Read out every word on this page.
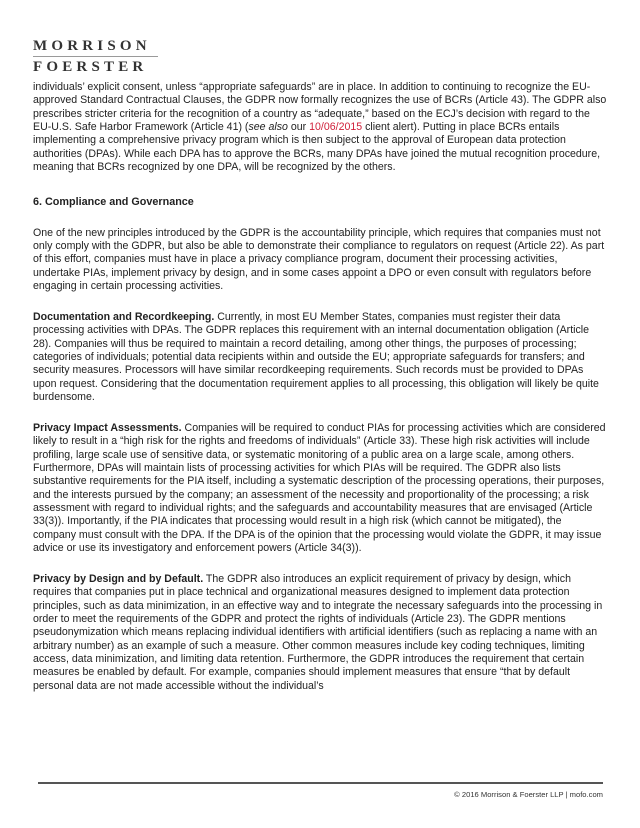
MORRISON
FOERSTER

individuals’ explicit consent, unless “appropriate safeguards” are in place. In addition to continuing to recognize the EU-approved Standard Contractual Clauses, the GDPR now formally recognizes the use of BCRs (Article 43). The GDPR also prescribes stricter criteria for the recognition of a country as “adequate,” based on the ECJ’s decision with regard to the EU-U.S. Safe Harbor Framework (Article 41) (see also our 10/06/2015 client alert). Putting in place BCRs entails implementing a comprehensive privacy program which is then subject to the approval of European data protection authorities (DPAs). While each DPA has to approve the BCRs, many DPAs have joined the mutual recognition procedure, meaning that BCRs recognized by one DPA, will be recognized by the others.

6. Compliance and Governance

One of the new principles introduced by the GDPR is the accountability principle, which requires that companies must not only comply with the GDPR, but also be able to demonstrate their compliance to regulators on request (Article 22). As part of this effort, companies must have in place a privacy compliance program, document their processing activities, undertake PIAs, implement privacy by design, and in some cases appoint a DPO or even consult with regulators before engaging in certain processing activities.

Documentation and Recordkeeping. Currently, in most EU Member States, companies must register their data processing activities with DPAs. The GDPR replaces this requirement with an internal documentation obligation (Article 28). Companies will thus be required to maintain a record detailing, among other things, the purposes of processing; categories of individuals; potential data recipients within and outside the EU; appropriate safeguards for transfers; and security measures. Processors will have similar recordkeeping requirements. Such records must be provided to DPAs upon request. Considering that the documentation requirement applies to all processing, this obligation will likely be quite burdensome.

Privacy Impact Assessments. Companies will be required to conduct PIAs for processing activities which are considered likely to result in a “high risk for the rights and freedoms of individuals” (Article 33). These high risk activities will include profiling, large scale use of sensitive data, or systematic monitoring of a public area on a large scale, among others. Furthermore, DPAs will maintain lists of processing activities for which PIAs will be required. The GDPR also lists substantive requirements for the PIA itself, including a systematic description of the processing operations, their purposes, and the interests pursued by the company; an assessment of the necessity and proportionality of the processing; a risk assessment with regard to individual rights; and the safeguards and accountability measures that are envisaged (Article 33(3)). Importantly, if the PIA indicates that processing would result in a high risk (which cannot be mitigated), the company must consult with the DPA. If the DPA is of the opinion that the processing would violate the GDPR, it may issue advice or use its investigatory and enforcement powers (Article 34(3)).

Privacy by Design and by Default. The GDPR also introduces an explicit requirement of privacy by design, which requires that companies put in place technical and organizational measures designed to implement data protection principles, such as data minimization, in an effective way and to integrate the necessary safeguards into the processing in order to meet the requirements of the GDPR and protect the rights of individuals (Article 23). The GDPR mentions pseudonymization which means replacing individual identifiers with artificial identifiers (such as replacing a name with an arbitrary number) as an example of such a measure. Other common measures include key coding techniques, limiting access, data minimization, and limiting data retention. Furthermore, the GDPR introduces the requirement that certain measures be enabled by default. For example, companies should implement measures that ensure “that by default personal data are not made accessible without the individual’s

© 2016 Morrison & Foerster LLP | mofo.com
